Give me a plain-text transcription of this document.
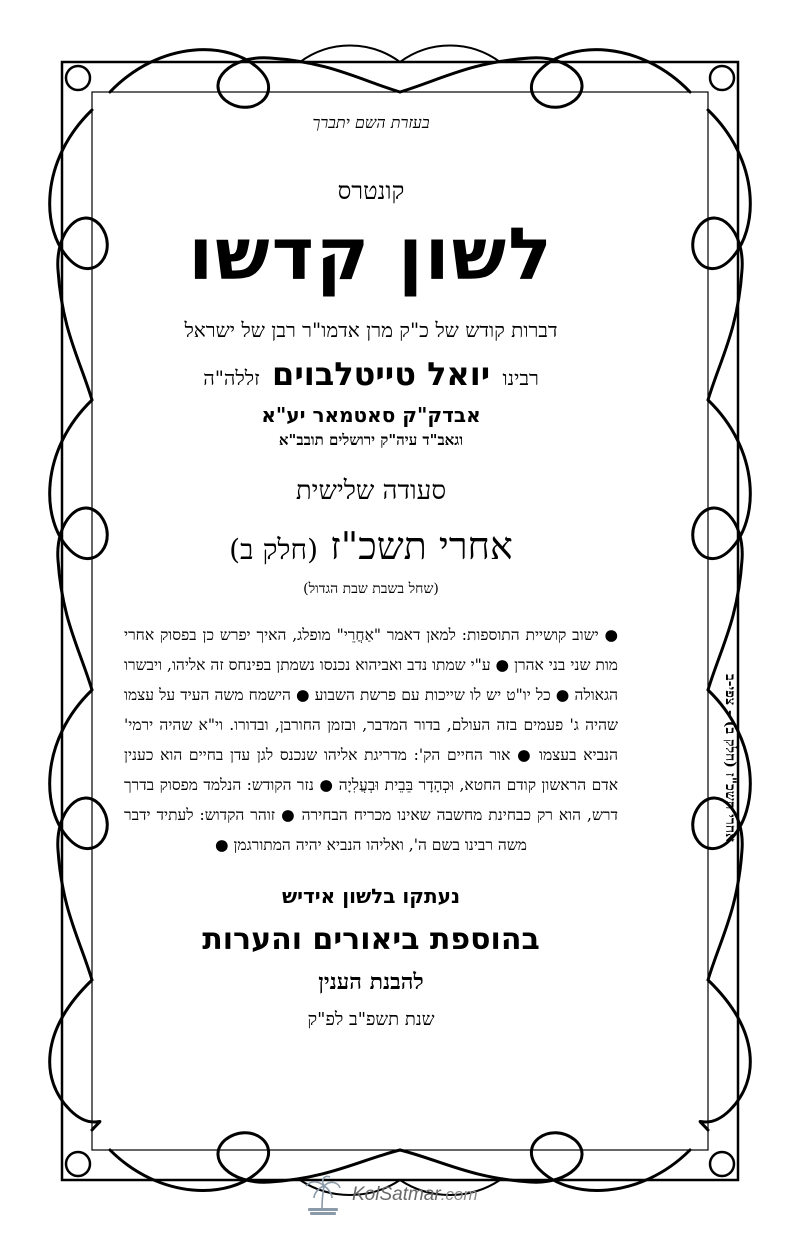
בעזרת השם יתברך
קונטרס
לשון קדשו
דברות קודש של כ"ק מרן אדמו"ר רבן של ישראל
רבינו יואל טייטלבוים זללה"ה
אבדק"ק סאטמאר יע"א
וגאב"ד עיה"ק ירושלים תובב"א
סעודה שלישית
אחרי תשכ"ז (חלק ב)
(שחל בשבת שבת הגדול)

● ישוב קושיית התוספות: למאן דאמר "אַחֲרֵי" מופלג, האיך יפרש כן בפסוק אחרי מות שני בני אהרן ● ע"י שמתו נדב ואביהוא נכנסו נשמתן בפינחס זה אליהו, ויבשרו הגאולה ● כל יו"ט יש לו שייכות עם פרשת השבוע ● הישמח משה העיד על עצמו שהיה ג' פעמים בזה העולם, בדור המדבר, ובזמן החורבן, ובדורו. וי"א שהיה ירמי' הנביא בעצמו ● אור החיים הק': מדריגת אליהו שנכנס לגן עדן בחיים הוא כענין אדם הראשון קודם החטא, וּכְהָדָר בֵּבֵית וּבְעֲלִיָה ● נזר הקודש: הנלמד מפסוק בדרך דרש, הוא רק כבחינת מחשבה שאינו מכריח הבחירה ● זוהר הקדוש: לעתיד ידבר משה רבינו בשם ה', ואליהו הנביא יהיה המתורגמן ●

נעתקו בלשון אידיש
בהוספת ביאורים והערות
להבנת הענין
שנת תשפ"ב לפ"ק
אחרי תשכ"ז (חלק ב) - צפי-ב
KolSatmar.com
